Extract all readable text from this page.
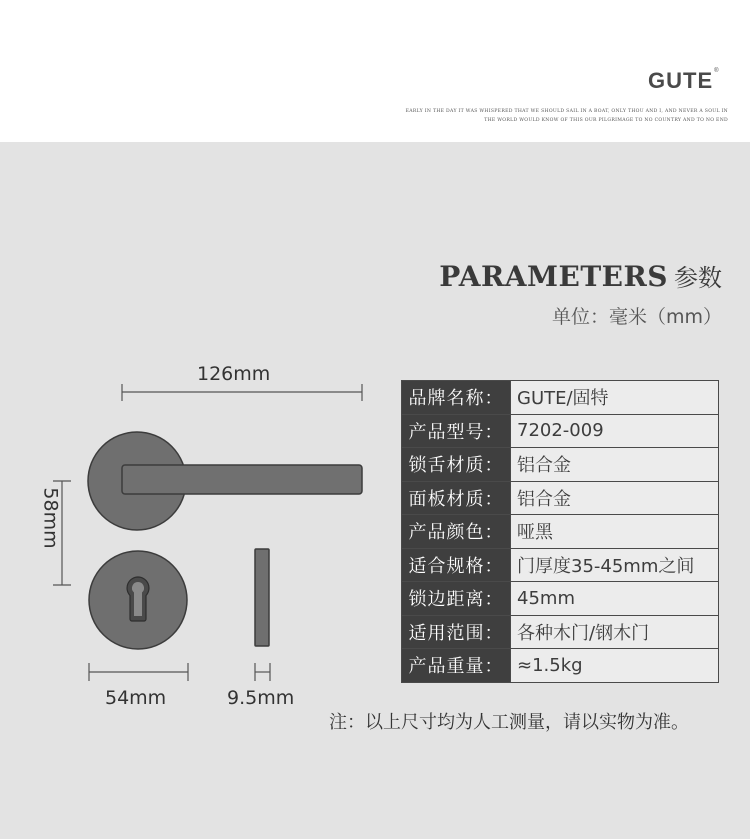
GUTE®
EARLY IN THE DAY IT WAS WHISPERED THAT WE SHOULD SAIL IN A BOAT, ONLY THOU AND I, AND NEVER A SOUL IN
THE WORLD WOULD KNOW OF THIS OUR PILGRIMAGE TO NO COUNTRY AND TO NO END
PARAMETERS 参数
单位：毫米（mm）
126mm
58mm
54mm	9.5mm
品牌名称：	GUTE/固特
产品型号：	7202-009
锁舌材质：	铝合金
面板材质：	铝合金
产品颜色：	哑黑
适合规格：	门厚度35-45mm之间
锁边距离：	45mm
适用范围：	各种木门/钢木门
产品重量：	≈1.5kg
注：以上尺寸均为人工测量，请以实物为准。
